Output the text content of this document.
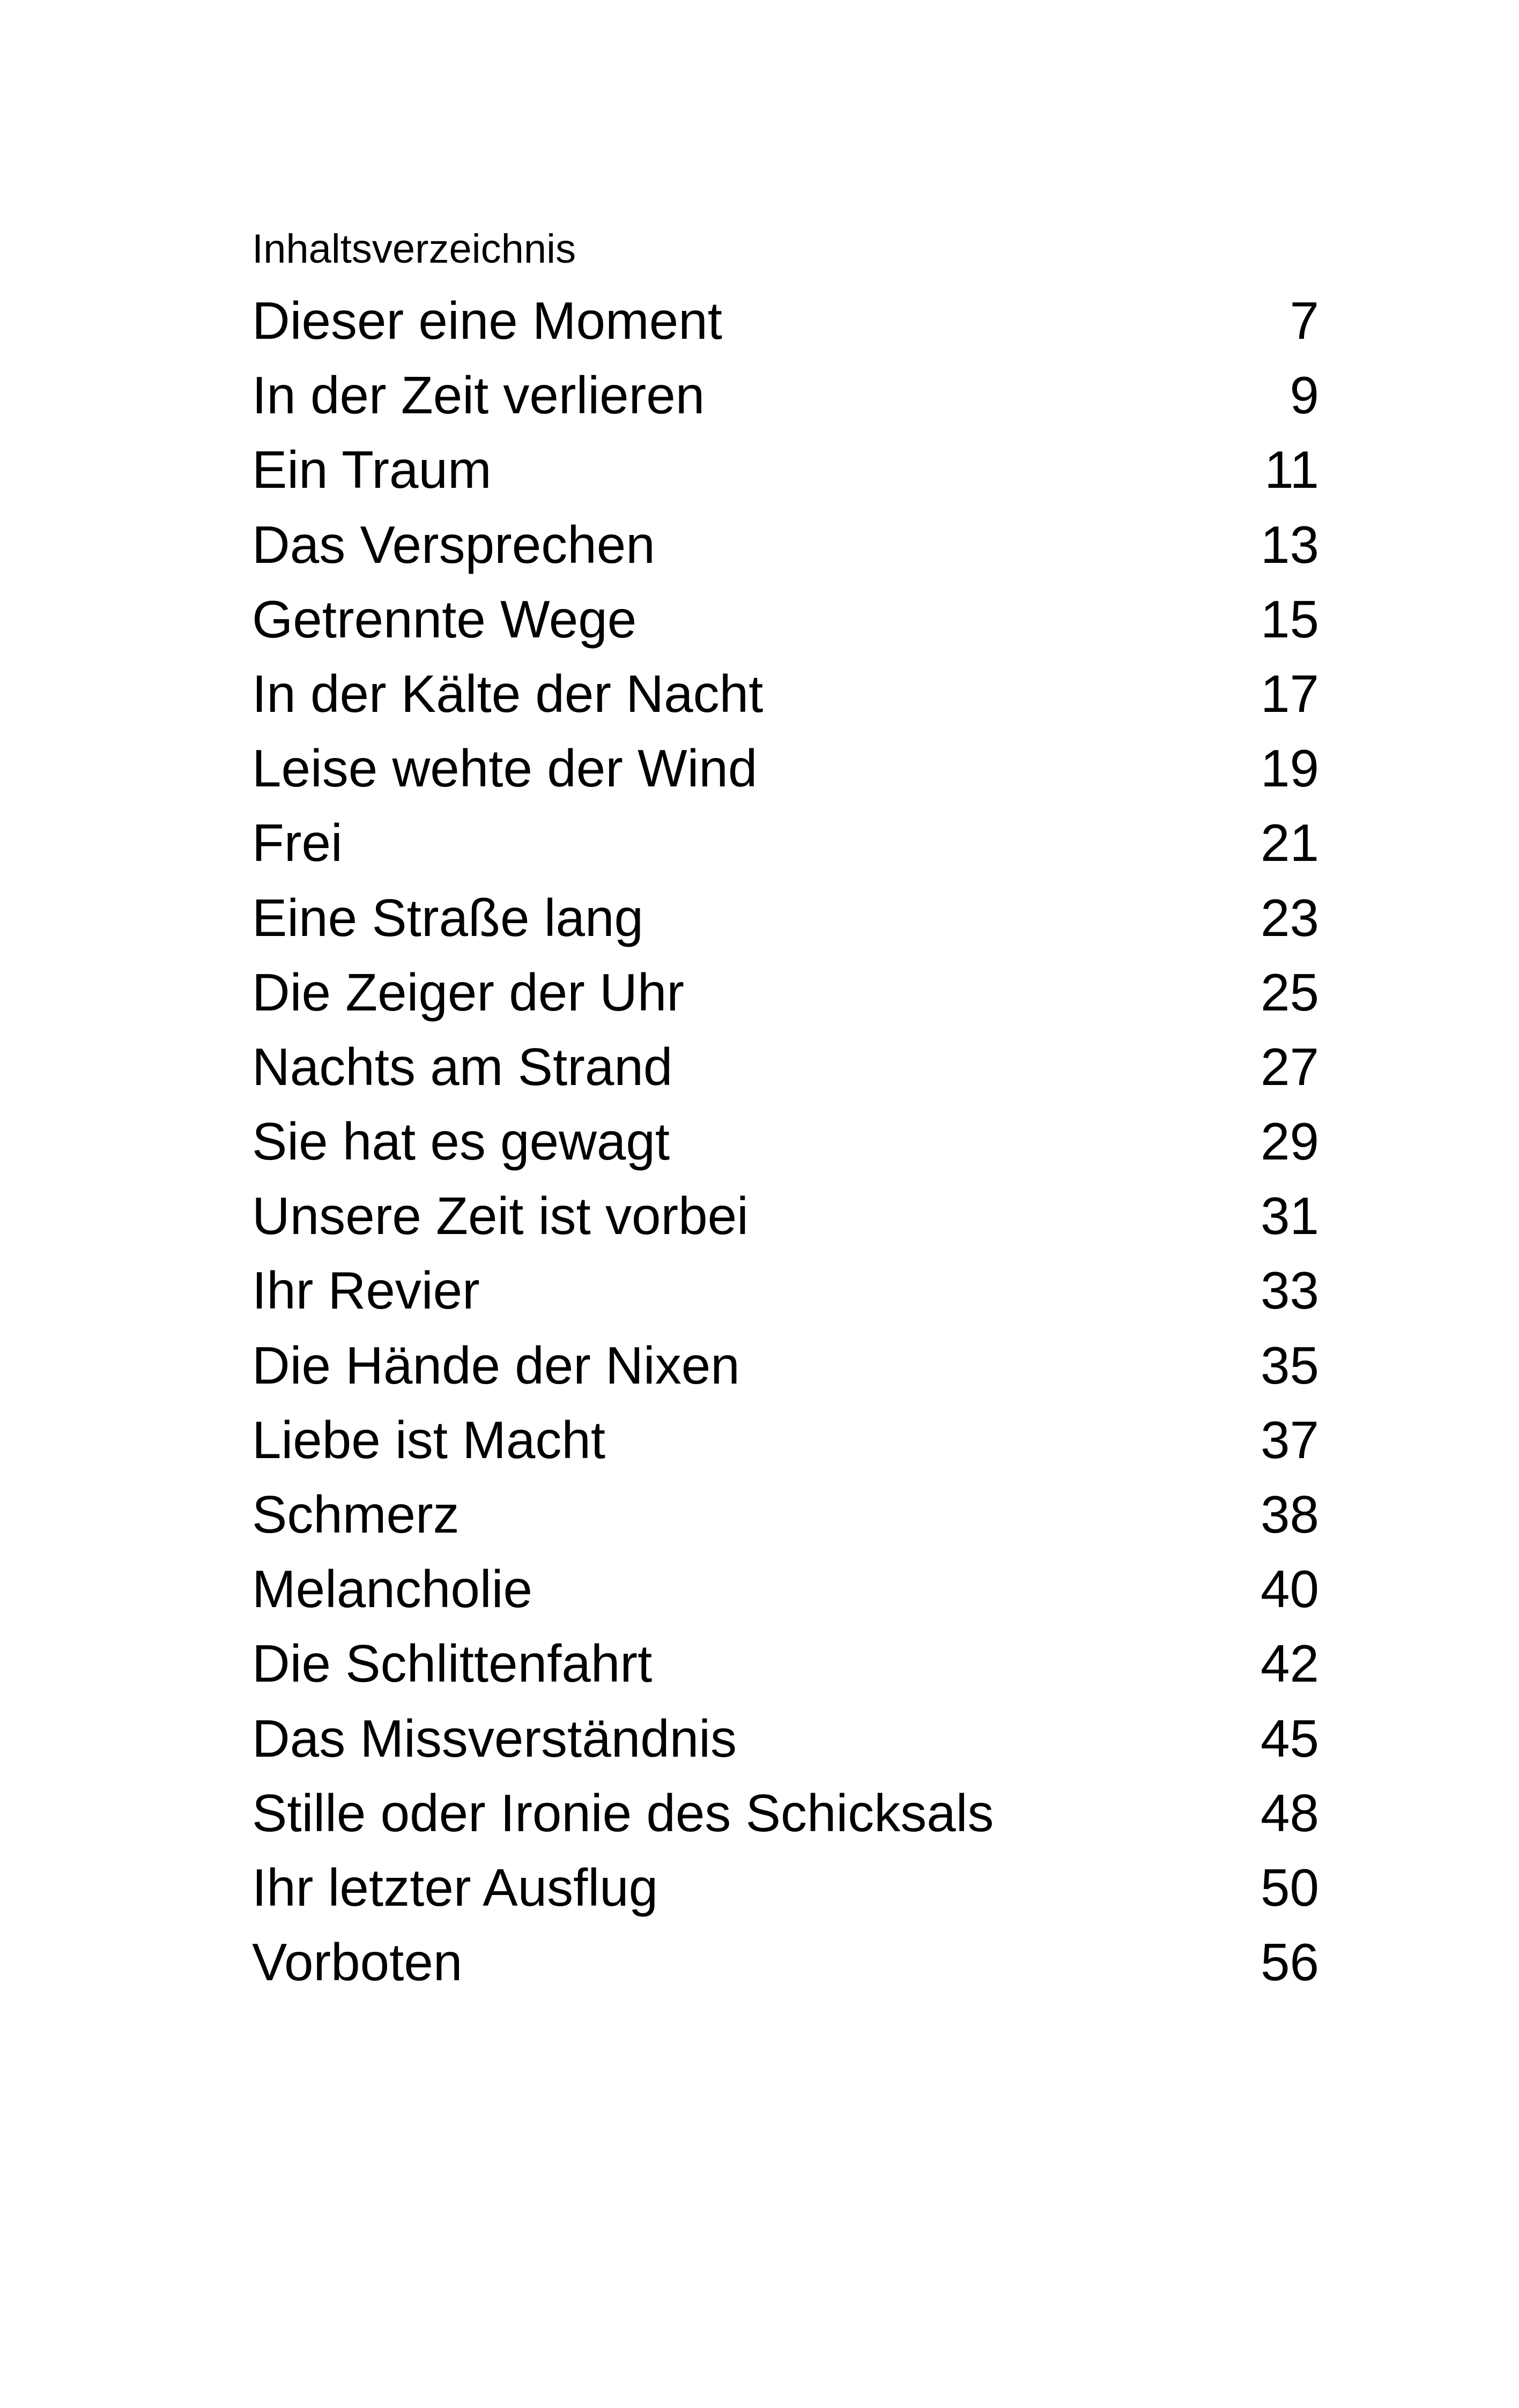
Inhaltsverzeichnis
Dieser eine Moment	7
In der Zeit verlieren	9
Ein Traum	11
Das Versprechen	13
Getrennte Wege	15
In der Kälte der Nacht	17
Leise wehte der Wind	19
Frei	21
Eine Straße lang	23
Die Zeiger der Uhr	25
Nachts am Strand	27
Sie hat es gewagt	29
Unsere Zeit ist vorbei	31
Ihr Revier	33
Die Hände der Nixen	35
Liebe ist Macht	37
Schmerz	38
Melancholie	40
Die Schlittenfahrt	42
Das Missverständnis	45
Stille oder Ironie des Schicksals	48
Ihr letzter Ausflug	50
Vorboten	56
